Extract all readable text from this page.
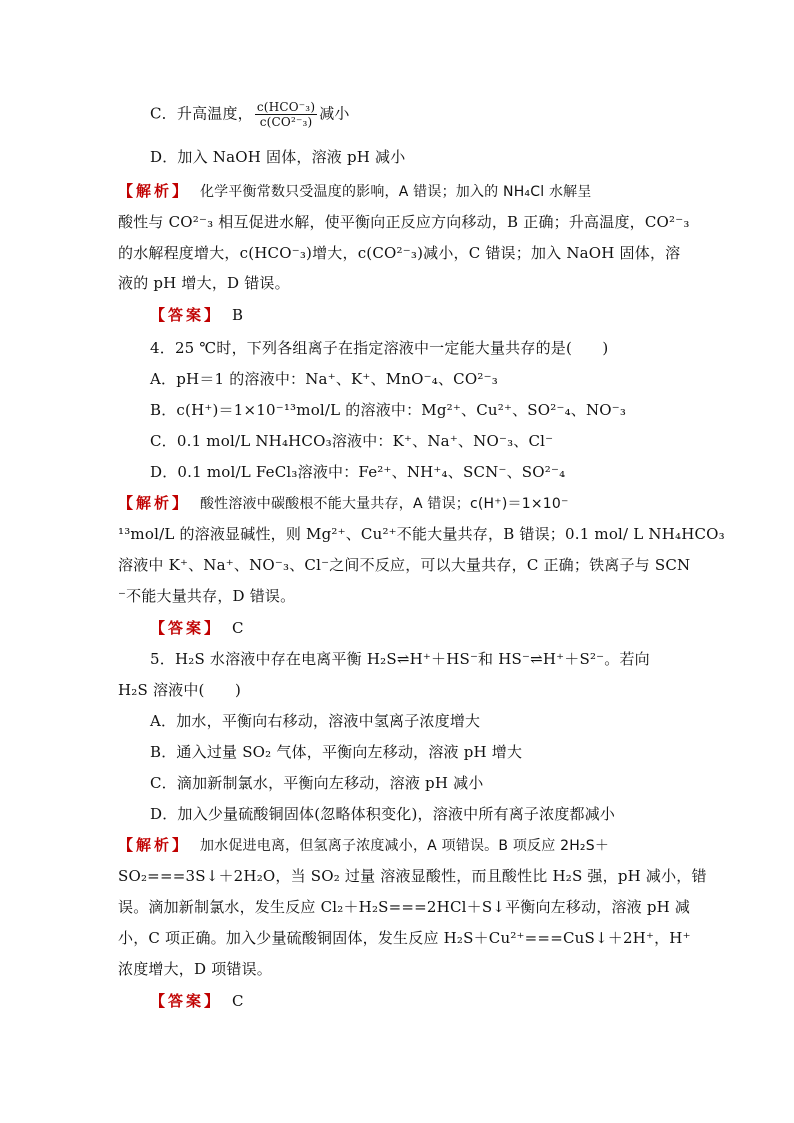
C．升高温度， $\frac{\text{c(HCO⁻₃)}}{\text{c(CO²⁻₃)}}$ 减小
D．加入 NaOH 固体，溶液 pH 减小
【解析】 化学平衡常数只受温度的影响，A 错误；加入的 NH₄Cl 水解呈
酸性与 CO²⁻₃ 相互促进水解，使平衡向正反应方向移动，B 正确；升高温度，CO²⁻₃
的水解程度增大，c(HCO⁻₃)增大，c(CO²⁻₃)减小，C 错误；加入 NaOH 固体，溶
液的 pH 增大，D 错误。
【答案】 B
4．25 ℃时，下列各组离子在指定溶液中一定能大量共存的是(　　)
A．pH＝1 的溶液中：Na⁺、K⁺、MnO⁻₄、CO²⁻₃
B．c(H⁺)＝1×10⁻¹³mol/L 的溶液中：Mg²⁺、Cu²⁺、SO²⁻₄、NO⁻₃
C．0.1 mol/L NH₄HCO₃溶液中：K⁺、Na⁺、NO⁻₃、Cl⁻
D．0.1 mol/L FeCl₃溶液中：Fe²⁺、NH⁺₄、SCN⁻、SO²⁻₄
【解析】 酸性溶液中碳酸根不能大量共存，A 错误；c(H⁺)＝1×10⁻
¹³mol/L 的溶液显碱性，则 Mg²⁺、Cu²⁺不能大量共存，B 错误；0.1 mol/ L NH₄HCO₃
溶液中 K⁺、Na⁺、NO⁻₃、Cl⁻之间不反应，可以大量共存，C 正确；铁离子与 SCN
⁻不能大量共存，D 错误。
【答案】 C
5．H₂S 水溶液中存在电离平衡 H₂S⇌H⁺＋HS⁻和 HS⁻⇌H⁺＋S²⁻。若向
H₂S 溶液中(　　)
A．加水，平衡向右移动，溶液中氢离子浓度增大
B．通入过量 SO₂ 气体，平衡向左移动，溶液 pH 增大
C．滴加新制氯水，平衡向左移动，溶液 pH 减小
D．加入少量硫酸铜固体(忽略体积变化)，溶液中所有离子浓度都减小
【解析】 加水促进电离，但氢离子浓度减小，A 项错误。B 项反应 2H₂S＋
SO₂===3S↓＋2H₂O，当 SO₂ 过量 溶液显酸性，而且酸性比 H₂S 强，pH 减小，错
误。滴加新制氯水，发生反应 Cl₂＋H₂S===2HCl＋S↓平衡向左移动，溶液 pH 减
小，C 项正确。加入少量硫酸铜固体，发生反应 H₂S＋Cu²⁺===CuS↓＋2H⁺，H⁺
浓度增大，D 项错误。
【答案】 C
